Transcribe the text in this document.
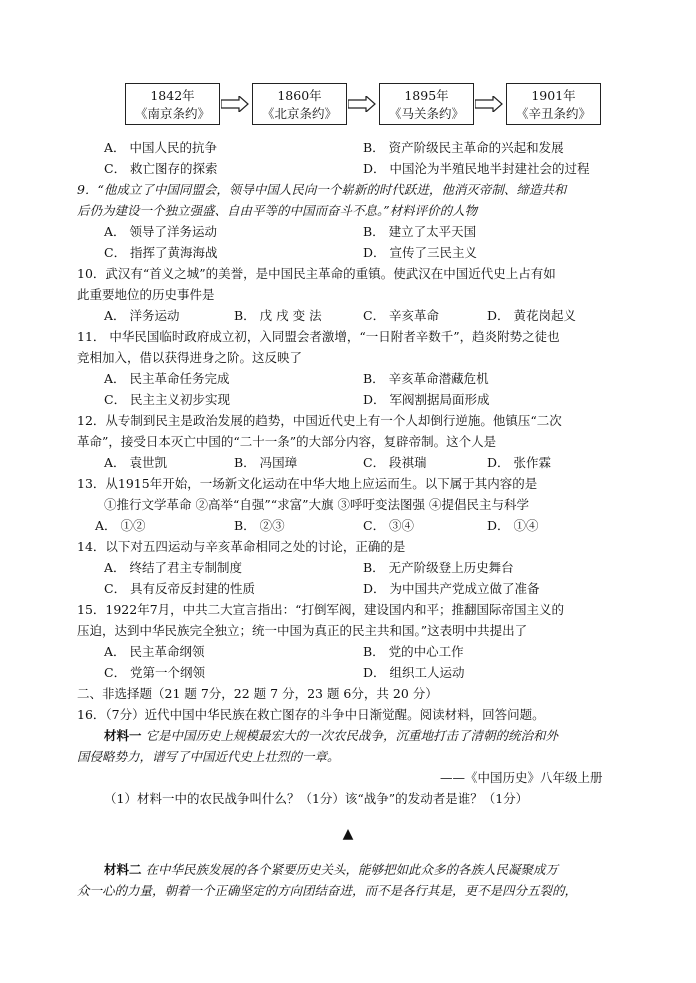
1842年
《南京条约》
1860年
《北京条约》
1895年
《马关条约》
1901年
《辛丑条约》
A． 中国人民的抗争	B． 资产阶级民主革命的兴起和发展
C． 救亡图存的探索	D． 中国沦为半殖民地半封建社会的过程
9．“他成立了中国同盟会，领导中国人民向一个崭新的时代跃进，他消灭帝制、缔造共和
后仍为建设一个独立强盛、自由平等的中国而奋斗不息。”材料评价的人物
A． 领导了洋务运动	B． 建立了太平天国
C． 指挥了黄海海战	D． 宣传了三民主义
10．武汉有“首义之城”的美誉，是中国民主革命的重镇。使武汉在中国近代史上占有如
此重要地位的历史事件是
A． 洋务运动	B． 戊 戌 变 法	C． 辛亥革命	D． 黄花岗起义
11． 中华民国临时政府成立初，入同盟会者激增，“一日附者辛数千”，趋炎附势之徒也
竞相加入，借以获得进身之阶。这反映了
A． 民主革命任务完成	B． 辛亥革命潜藏危机
C． 民主主义初步实现	D． 军阀割据局面形成
12．从专制到民主是政治发展的趋势，中国近代史上有一个人却倒行逆施。他镇压“二次
革命”，接受日本灭亡中国的“二十一条”的大部分内容，复辟帝制。这个人是
A． 袁世凯	B． 冯国璋	C． 段祺瑞	D． 张作霖
13．从1915年开始，一场新文化运动在中华大地上应运而生。以下属于其内容的是
①推行文学革命 ②高举“自强”“求富”大旗 ③呼吁变法图强 ④提倡民主与科学
A． ①②	B． ②③	C． ③④	D． ①④
14．以下对五四运动与辛亥革命相同之处的讨论，正确的是
A． 终结了君主专制制度	B． 无产阶级登上历史舞台
C． 具有反帝反封建的性质	D． 为中国共产党成立做了准备
15．1922年7月，中共二大宣言指出：“打倒军阀，建设国内和平；推翻国际帝国主义的
压迫，达到中华民族完全独立；统一中国为真正的民主共和国。”这表明中共提出了
A． 民主革命纲领	B． 党的中心工作
C． 党第一个纲领	D． 组织工人运动
二、非选择题（21 题 7分，22 题 7 分，23 题 6分，共 20 分）
16．（7分）近代中国中华民族在救亡图存的斗争中日渐觉醒。阅读材料，回答问题。
材料一 它是中国历史上规模最宏大的一次农民战争，沉重地打击了清朝的统治和外
国侵略势力，谱写了中国近代史上壮烈的一章。
——《中国历史》八年级上册
（1）材料一中的农民战争叫什么？（1分）该“战争”的发动者是谁？（1分）
▲
材料二 在中华民族发展的各个紧要历史关头，能够把如此众多的各族人民凝聚成万
众一心的力量，朝着一个正确坚定的方向团结奋进，而不是各行其是，更不是四分五裂的，
